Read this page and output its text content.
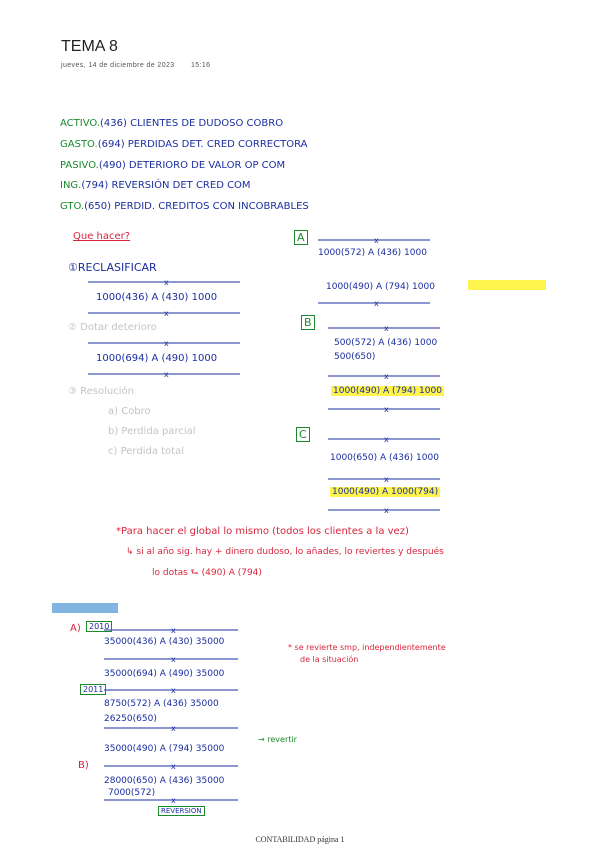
x
x
x
x
x
x
x
x
x
x
x
x
x
x
x
x
x
x
TEMA 8
jueves, 14 de diciembre de 2023 15:16
ACTIVO.(436) CLIENTES DE DUDOSO COBRO
GASTO.(694) PERDIDAS DET. CRED CORRECTORA
PASIVO.(490) DETERIORO DE VALOR OP COM
ING.(794) REVERSIÓN DET CRED COM
GTO.(650) PERDID. CREDITOS CON INCOBRABLES
Que hacer?
①RECLASIFICAR
1000(436) A (430) 1000
② Dotar deterioro
1000(694) A (490) 1000
③ Resolución
a) Cobro
b) Perdida parcial
c) Perdida total
A
1000(572) A (436) 1000
1000(490) A (794) 1000
B
500(572) A (436) 1000
500(650)
1000(490) A (794) 1000
C
1000(650) A (436) 1000
1000(490) A 1000(794)
*Para hacer el global lo mismo (todos los clientes a la vez)
↳ si al año sig. hay + dinero dudoso, lo añades, lo reviertes y después
lo dotas ⮑ (490) A (794)
A)	2010
35000(436) A (430) 35000
35000(694) A (490) 35000
2011
8750(572) A (436) 35000
26250(650)
35000(490) A (794) 35000
→ revertir
B)
28000(650) A (436) 35000
7000(572)
REVERSION
* se revierte smp, independientemente
de la situación
CONTABILIDAD página 1
